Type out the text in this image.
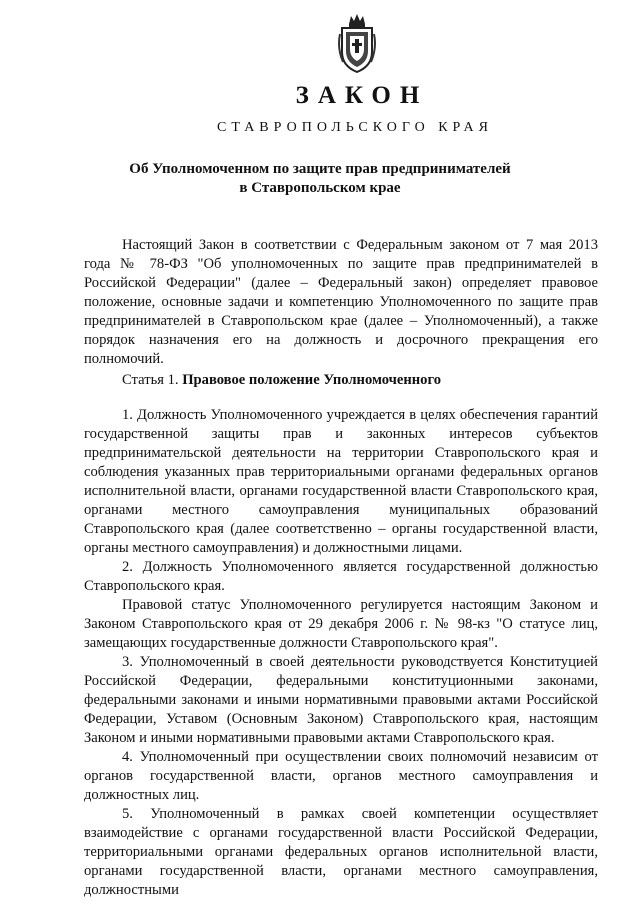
ЗАКОН
СТАВРОПОЛЬСКОГО КРАЯ
Об Уполномоченном по защите прав предпринимателей
в Ставропольском крае

Настоящий Закон в соответствии с Федеральным законом от 7 мая 2013 года № 78-ФЗ "Об уполномоченных по защите прав предпринимателей в Российской Федерации" (далее – Федеральный закон) определяет правовое положение, основные задачи и компетенцию Уполномоченного по защите прав предпринимателей в Ставропольском крае (далее – Уполномоченный), а также порядок назначения его на должность и досрочного прекращения его полномочий.

Статья 1. Правовое положение Уполномоченного

1. Должность Уполномоченного учреждается в целях обеспечения гарантий государственной защиты прав и законных интересов субъектов предпринимательской деятельности на территории Ставропольского края и соблюдения указанных прав территориальными органами федеральных органов исполнительной власти, органами государственной власти Ставропольского края, органами местного самоуправления муниципальных образований Ставропольского края (далее соответственно – органы государственной власти, органы местного самоуправления) и должностными лицами.

2. Должность Уполномоченного является государственной должностью Ставропольского края.

Правовой статус Уполномоченного регулируется настоящим Законом и Законом Ставропольского края от 29 декабря 2006 г. № 98-кз "О статусе лиц, замещающих государственные должности Ставропольского края".

3. Уполномоченный в своей деятельности руководствуется Конституцией Российской Федерации, федеральными конституционными законами, федеральными законами и иными нормативными правовыми актами Российской Федерации, Уставом (Основным Законом) Ставропольского края, настоящим Законом и иными нормативными правовыми актами Ставропольского края.

4. Уполномоченный при осуществлении своих полномочий независим от органов государственной власти, органов местного самоуправления и должностных лиц.

5. Уполномоченный в рамках своей компетенции осуществляет взаимодействие с органами государственной власти Российской Федерации, территориальными органами федеральных органов исполнительной власти, органами государственной власти, органами местного самоуправления, должностными
